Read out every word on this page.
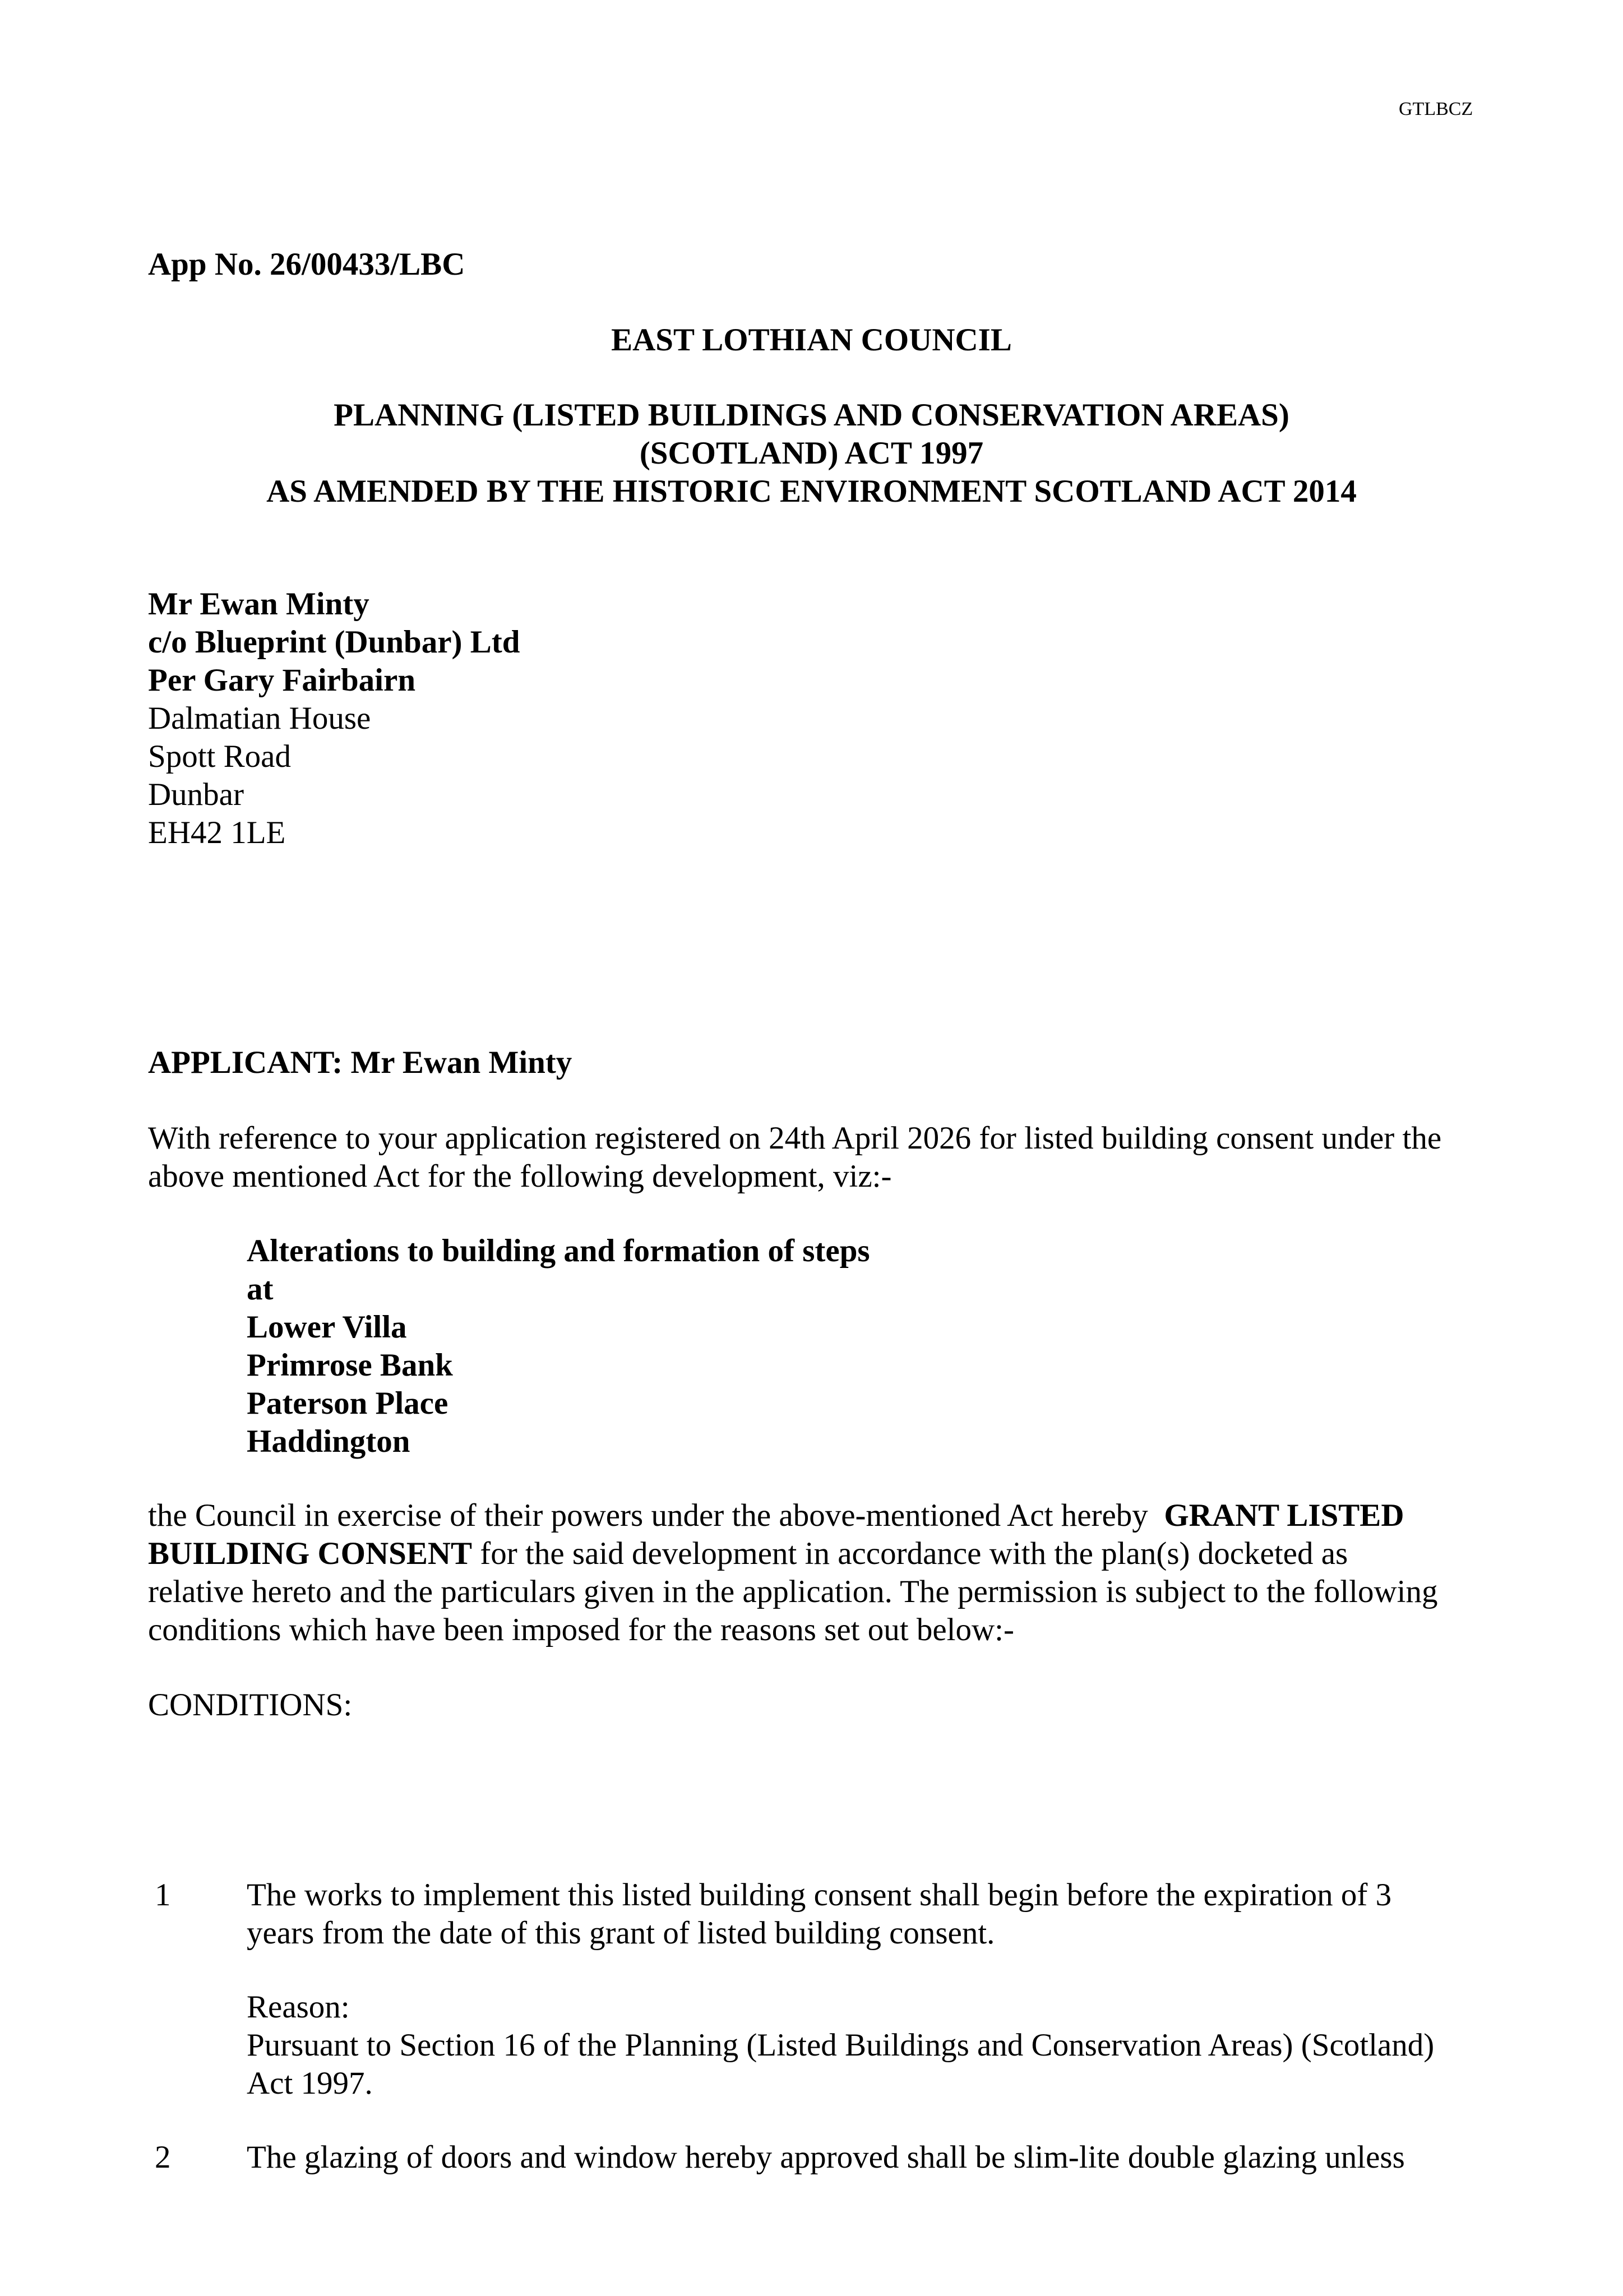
GTLBCZ
App No. 26/00433/LBC
EAST LOTHIAN COUNCIL
PLANNING (LISTED BUILDINGS AND CONSERVATION AREAS)
(SCOTLAND) ACT 1997
AS AMENDED BY THE HISTORIC ENVIRONMENT SCOTLAND ACT 2014
Mr Ewan Minty
c/o Blueprint (Dunbar) Ltd
Per Gary Fairbairn
Dalmatian House
Spott Road
Dunbar
EH42 1LE
APPLICANT: Mr Ewan Minty
With reference to your application registered on 24th April 2026 for listed building consent under the
above mentioned Act for the following development, viz:-
Alterations to building and formation of steps
at
Lower Villa
Primrose Bank
Paterson Place
Haddington
the Council in exercise of their powers under the above-mentioned Act hereby  GRANT LISTED
BUILDING CONSENT for the said development in accordance with the plan(s) docketed as
relative hereto and the particulars given in the application. The permission is subject to the following
conditions which have been imposed for the reasons set out below:-
CONDITIONS:
1 The works to implement this listed building consent shall begin before the expiration of 3
years from the date of this grant of listed building consent.
Reason:
Pursuant to Section 16 of the Planning (Listed Buildings and Conservation Areas) (Scotland)
Act 1997.
2 The glazing of doors and window hereby approved shall be slim-lite double glazing unless
